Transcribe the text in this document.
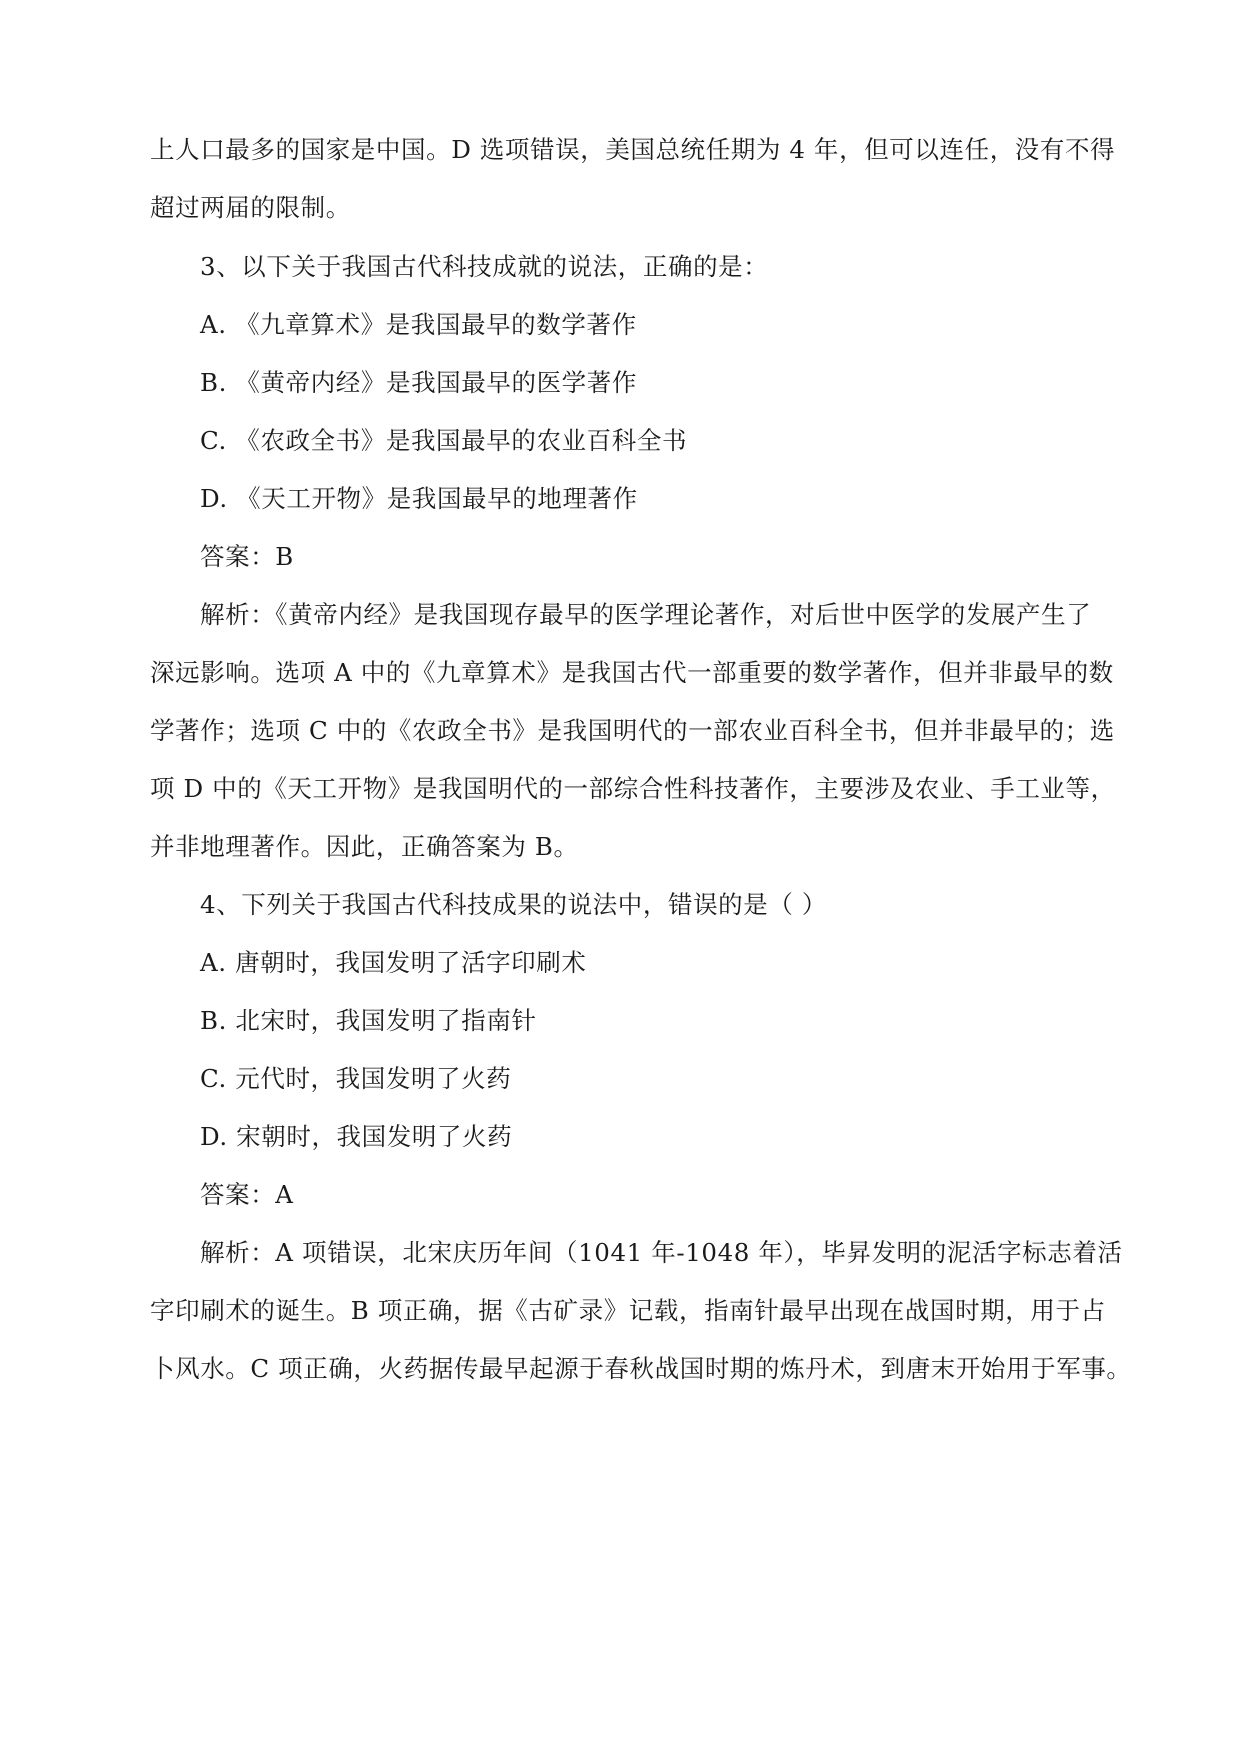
上人口最多的国家是中国。D 选项错误，美国总统任期为 4 年，但可以连任，没有不得
超过两届的限制。
3、以下关于我国古代科技成就的说法，正确的是：
A. 《九章算术》是我国最早的数学著作
B. 《黄帝内经》是我国最早的医学著作
C. 《农政全书》是我国最早的农业百科全书
D. 《天工开物》是我国最早的地理著作
答案：B
解析：《黄帝内经》是我国现存最早的医学理论著作，对后世中医学的发展产生了
深远影响。选项 A 中的《九章算术》是我国古代一部重要的数学著作，但并非最早的数
学著作；选项 C 中的《农政全书》是我国明代的一部农业百科全书，但并非最早的；选
项 D 中的《天工开物》是我国明代的一部综合性科技著作，主要涉及农业、手工业等，
并非地理著作。因此，正确答案为 B。
4、下列关于我国古代科技成果的说法中，错误的是（ ）
A. 唐朝时，我国发明了活字印刷术
B. 北宋时，我国发明了指南针
C. 元代时，我国发明了火药
D. 宋朝时，我国发明了火药
答案：A
解析：A 项错误，北宋庆历年间（1041 年-1048 年），毕昇发明的泥活字标志着活
字印刷术的诞生。B 项正确，据《古矿录》记载，指南针最早出现在战国时期，用于占
卜风水。C 项正确，火药据传最早起源于春秋战国时期的炼丹术，到唐末开始用于军事。
